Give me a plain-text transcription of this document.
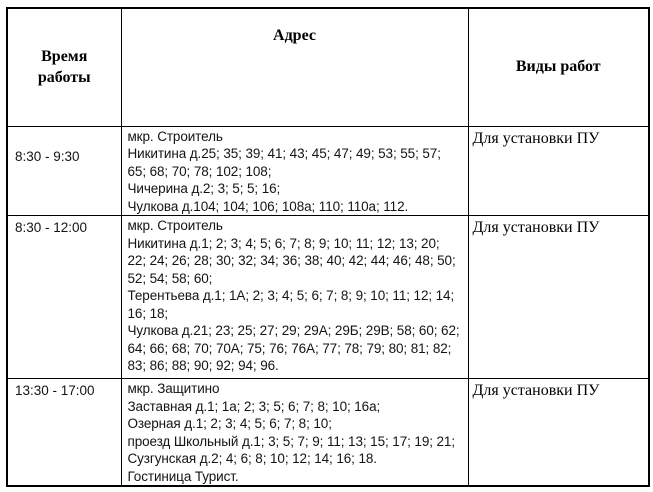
Время работы	Адрес	Виды работ
8:30 - 9:30	мкр. Строитель
Никитина д.25; 35; 39; 41; 43; 45; 47; 49; 53; 55; 57;
65; 68; 70; 78; 102; 108;
Чичерина д.2; 3; 5; 5; 16;
Чулкова д.104; 104; 106; 108а; 110; 110а; 112.	Для установки ПУ
8:30 - 12:00	мкр. Строитель
Никитина д.1; 2; 3; 4; 5; 6; 7; 8; 9; 10; 11; 12; 13; 20;
22; 24; 26; 28; 30; 32; 34; 36; 38; 40; 42; 44; 46; 48; 50;
52; 54; 58; 60;
Терентьева д.1; 1А; 2; 3; 4; 5; 6; 7; 8; 9; 10; 11; 12; 14;
16; 18;
Чулкова д.21; 23; 25; 27; 29; 29А; 29Б; 29В; 58; 60; 62;
64; 66; 68; 70; 70А; 75; 76; 76А; 77; 78; 79; 80; 81; 82;
83; 86; 88; 90; 92; 94; 96.
	Для установки ПУ
13:30 - 17:00	мкр. Защитино
Заставная д.1; 1а; 2; 3; 5; 6; 7; 8; 10; 16а;
Озерная д.1; 2; 3; 4; 5; 6; 7; 8; 10;
проезд Школьный д.1; 3; 5; 7; 9; 11; 13; 15; 17; 19; 21;
Сузгунская д.2; 4; 6; 8; 10; 12; 14; 16; 18.
Гостиница Турист.
	Для установки ПУ
